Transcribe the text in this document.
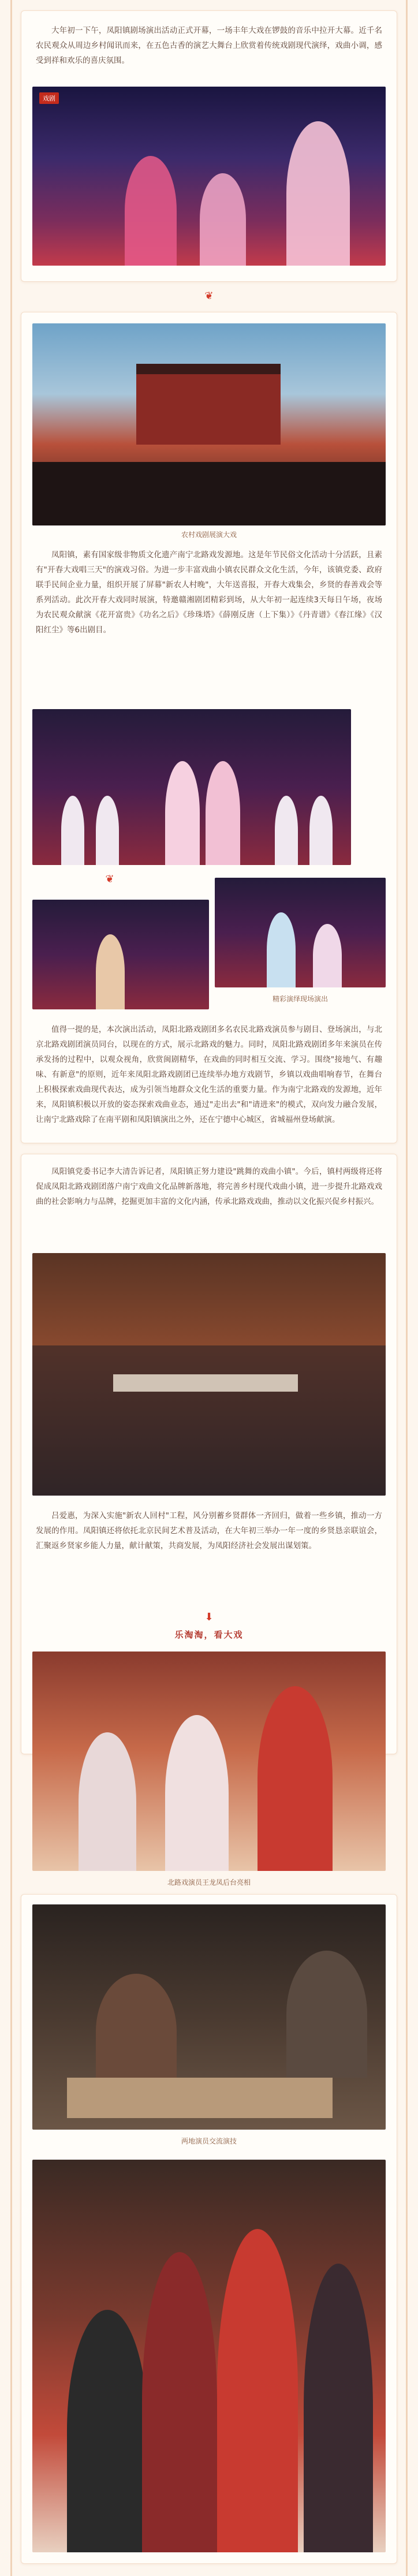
大年初一下午，凤阳镇剧场演出活动正式开幕，一场丰年大戏在锣鼓的音乐中拉开大幕。近千名农民观众从周边乡村闻讯而来，在五色古香的演艺大舞台上欣赏着传统戏剧现代演绎，戏曲小调，感受到祥和欢乐的喜庆氛围。
戏剧
❦
农村戏剧展演大戏
凤阳镇，素有国家级非物质文化遗产南宁北路戏发源地。这是年节民俗文化活动十分活跃，且素有"开春大戏唱三天"的演戏习俗。为进一步丰富戏曲小镇农民群众文化生活，今年，该镇党委、政府联手民间企业力量，组织开展了屏幕"新农人村晚"，大年送喜报，开春大戏集会，乡贤的春善戏会等系列活动。此次开春大戏同时展演，特邀赣湘剧团精彩到场，从大年初一起连续3天每日午场，夜场为农民观众献演《花开富贵》《功名之后》《珍珠塔》《薛刚反唐（上下集）》《丹青谱》《春江缘》《汉阳红尘》等6出剧目。
❦
精彩演绎现场演出
值得一提的是，本次演出活动，凤阳北路戏剧团多名农民北路戏演员参与剧目、登场演出，与北京北路戏剧团演员同台，以现在的方式，展示北路戏的魅力。同时，凤阳北路戏剧团多年来演员在传承发扬的过程中，以观众视角，欣赏闽剧精华，在戏曲的同时相互交流、学习。围绕"接地气、有趣味、有新意"的原则，近年来凤阳北路戏剧团已连续举办地方戏剧节，乡镇以戏曲唱响春节，在舞台上积极探索戏曲现代表达，成为引领当地群众文化生活的重要力量。作为南宁北路戏的发源地，近年来，凤阳镇积极以开放的姿态探索戏曲业态，通过"走出去"和"请进来"的模式，双向发力融合发展，让南宁北路戏除了在南平剧和凤阳镇演出之外，还在宁德中心城区，省城福州登场献演。
凤阳镇党委书记李大清告诉记者，凤阳镇正努力建设"跳舞的戏曲小镇"。今后，镇村两级将还将促成凤阳北路戏剧团落户南宁戏曲文化品牌新落地，将完善乡村现代戏曲小镇，进一步提升北路戏戏曲的社会影响力与品牌，挖掘更加丰富的文化内涵，传承北路戏戏曲，推动以文化振兴促乡村振兴。
吕爱惠，为深入实施"新农人回村"工程，风分别蓄乡贤群体一齐回归，做着一些乡镇，推动一方发展的作用。凤阳镇还将依托北京民间艺术普及活动，在大年初三举办一年一度的乡贤恳亲联谊会，汇聚返乡贤家乡能人力量，献计献策，共商发展，为凤阳经济社会发展出谋划策。
⬇
乐淘淘，看大戏
北路戏演员王龙凤后台亮相
两地演员交流演技
